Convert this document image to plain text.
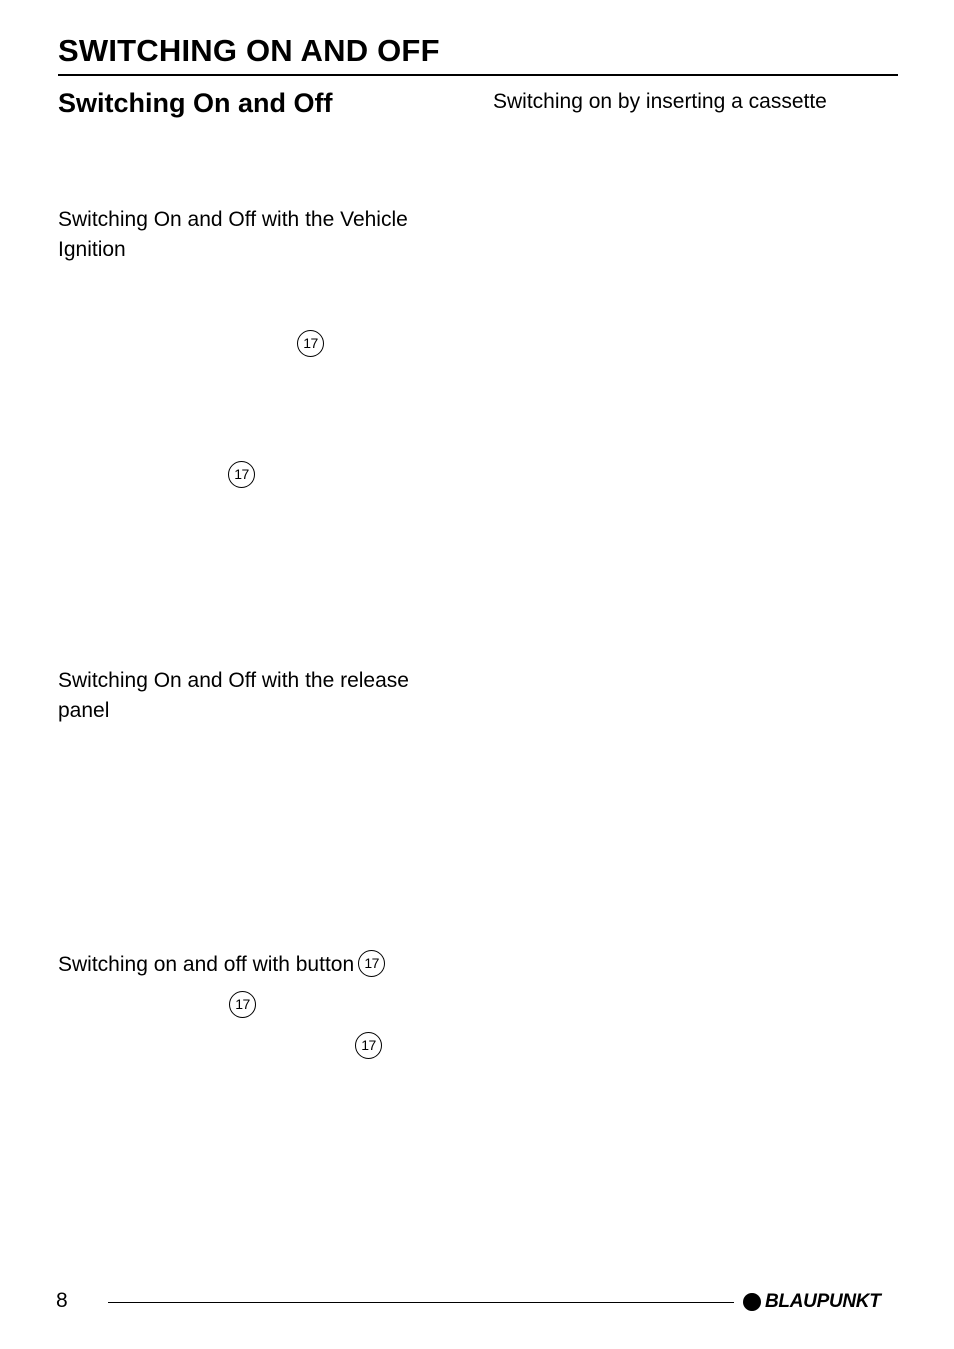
SWITCHING ON AND OFF
Switching On and Off	Switching on by inserting a cassette
Switching On and Off with the Vehicle Ignition
17
17
Switching On and Off with the release panel
Switching on and off with button 17
17
17
8	BLAUPUNKT
